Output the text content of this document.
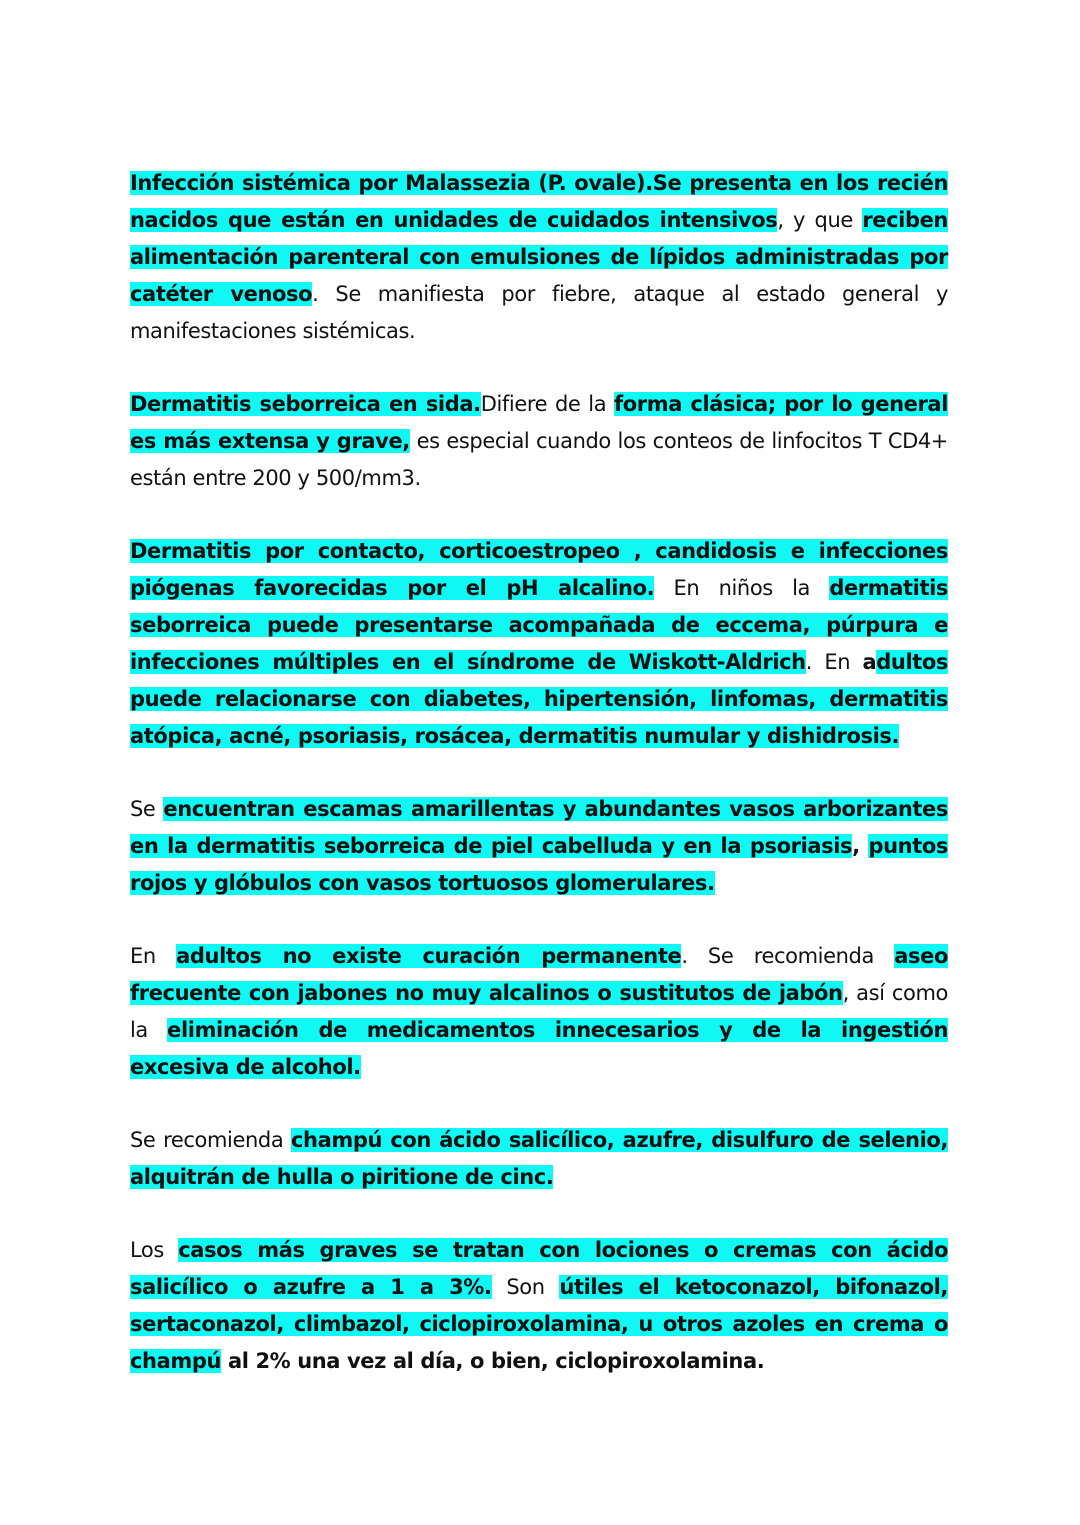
Infección sistémica por Malassezia (P. ovale).Se presenta en los recién nacidos que están en unidades de cuidados intensivos, y que reciben alimentación parenteral con emulsiones de lípidos administradas por catéter venoso. Se manifiesta por fiebre, ataque al estado general y manifestaciones sistémicas.

Dermatitis seborreica en sida.Difiere de la forma clásica; por lo general es más extensa y grave, es especial cuando los conteos de linfocitos T CD4+ están entre 200 y 500/mm3.

Dermatitis por contacto, corticoestropeo , candidosis e infecciones piógenas favorecidas por el pH alcalino. En niños la dermatitis seborreica puede presentarse acompañada de eccema, púrpura e infecciones múltiples en el síndrome de Wiskott-Aldrich. En adultos puede relacionarse con diabetes, hipertensión, linfomas, dermatitis atópica, acné, psoriasis, rosácea, dermatitis numular y dishidrosis.

Se encuentran escamas amarillentas y abundantes vasos arborizantes en la dermatitis seborreica de piel cabelluda y en la psoriasis, puntos rojos y glóbulos con vasos tortuosos glomerulares.

En adultos no existe curación permanente. Se recomienda aseo frecuente con jabones no muy alcalinos o sustitutos de jabón, así como la eliminación de medicamentos innecesarios y de la ingestión excesiva de alcohol.

Se recomienda champú con ácido salicílico, azufre, disulfuro de selenio, alquitrán de hulla o piritione de cinc.

Los casos más graves se tratan con lociones o cremas con ácido salicílico o azufre a 1 a 3%. Son útiles el ketoconazol, bifonazol, sertaconazol, climbazol, ciclopiroxolamina, u otros azoles en crema o champú al 2% una vez al día, o bien, ciclopiroxolamina.
